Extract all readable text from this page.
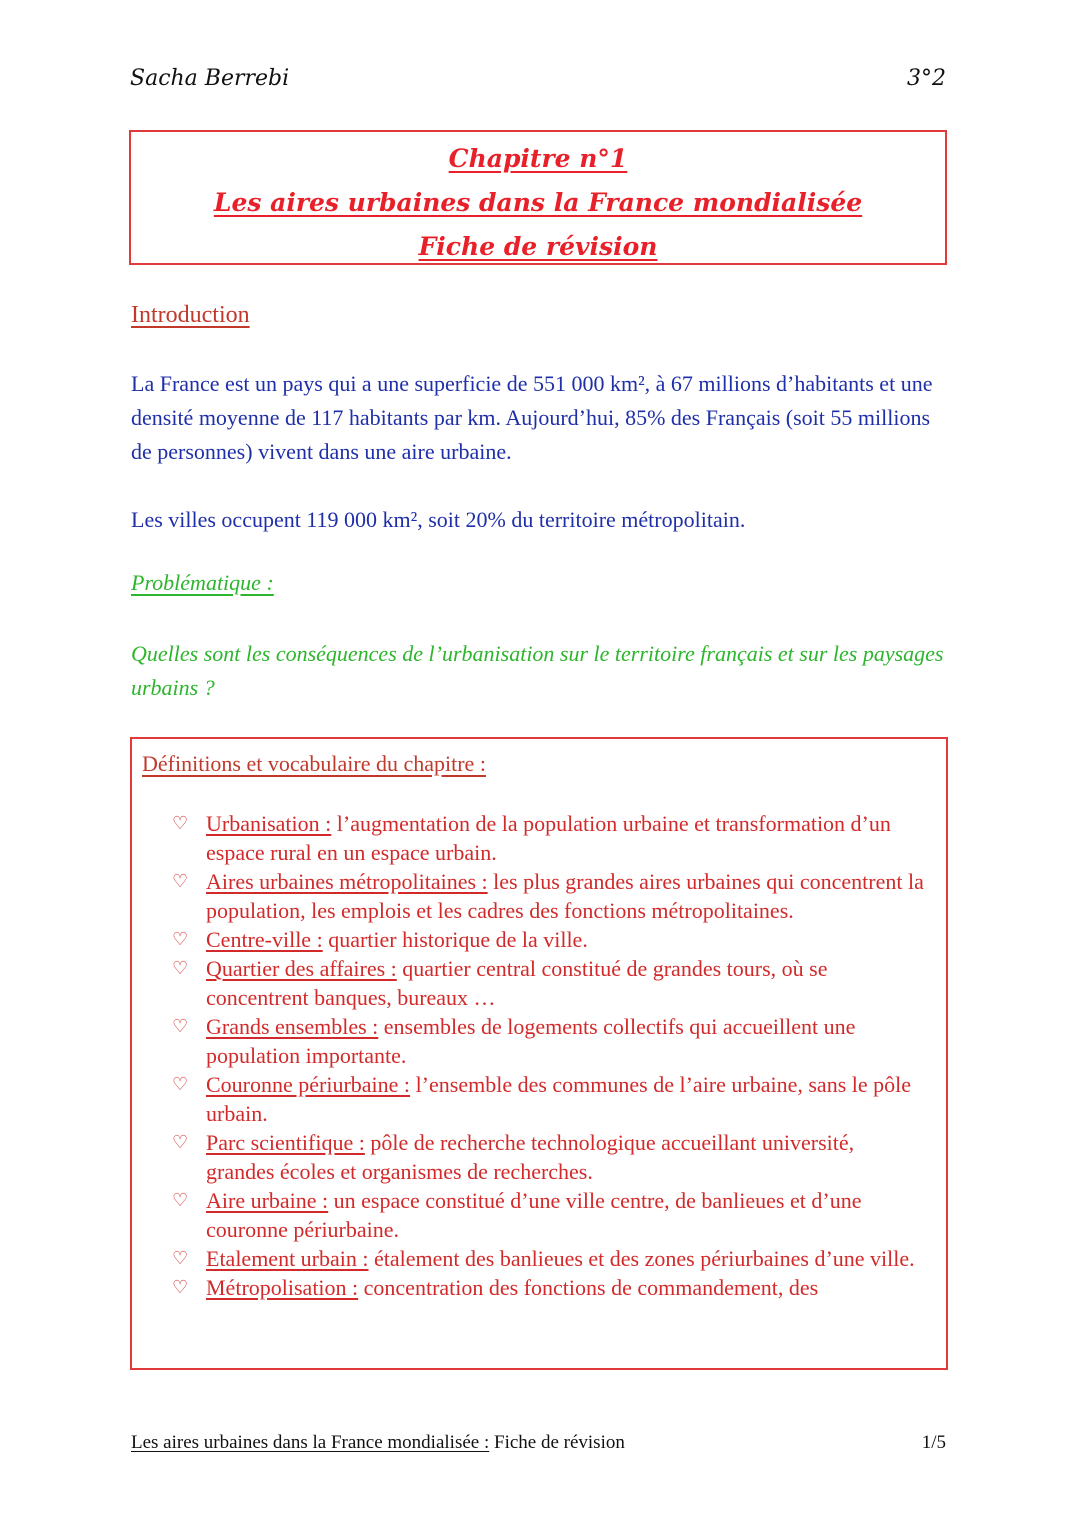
Sacha Berrebi	3°2
Chapitre n°1
Les aires urbaines dans la France mondialisée
Fiche de révision
Introduction
La France est un pays qui a une superficie de 551 000 km², à 67 millions d’habitants et une densité moyenne de 117 habitants par km. Aujourd’hui, 85% des Français (soit 55 millions de personnes) vivent dans une aire urbaine.
Les villes occupent 119 000 km², soit 20% du territoire métropolitain.
Problématique :
Quelles sont les conséquences de l’urbanisation sur le territoire français et sur les paysages urbains ?
Définitions et vocabulaire du chapitre :
♡ Urbanisation : l’augmentation de la population urbaine et transformation d’un espace rural en un espace urbain.
♡ Aires urbaines métropolitaines : les plus grandes aires urbaines qui concentrent la population, les emplois et les cadres des fonctions métropolitaines.
♡ Centre-ville : quartier historique de la ville.
♡ Quartier des affaires : quartier central constitué de grandes tours, où se concentrent banques, bureaux …
♡ Grands ensembles : ensembles de logements collectifs qui accueillent une population importante.
♡ Couronne périurbaine : l’ensemble des communes de l’aire urbaine, sans le pôle urbain.
♡ Parc scientifique : pôle de recherche technologique accueillant université, grandes écoles et organismes de recherches.
♡ Aire urbaine : un espace constitué d’une ville centre, de banlieues et d’une couronne périurbaine.
♡ Etalement urbain : étalement des banlieues et des zones périurbaines d’une ville.
♡ Métropolisation : concentration des fonctions de commandement, des
Les aires urbaines dans la France mondialisée : Fiche de révision	1/5
